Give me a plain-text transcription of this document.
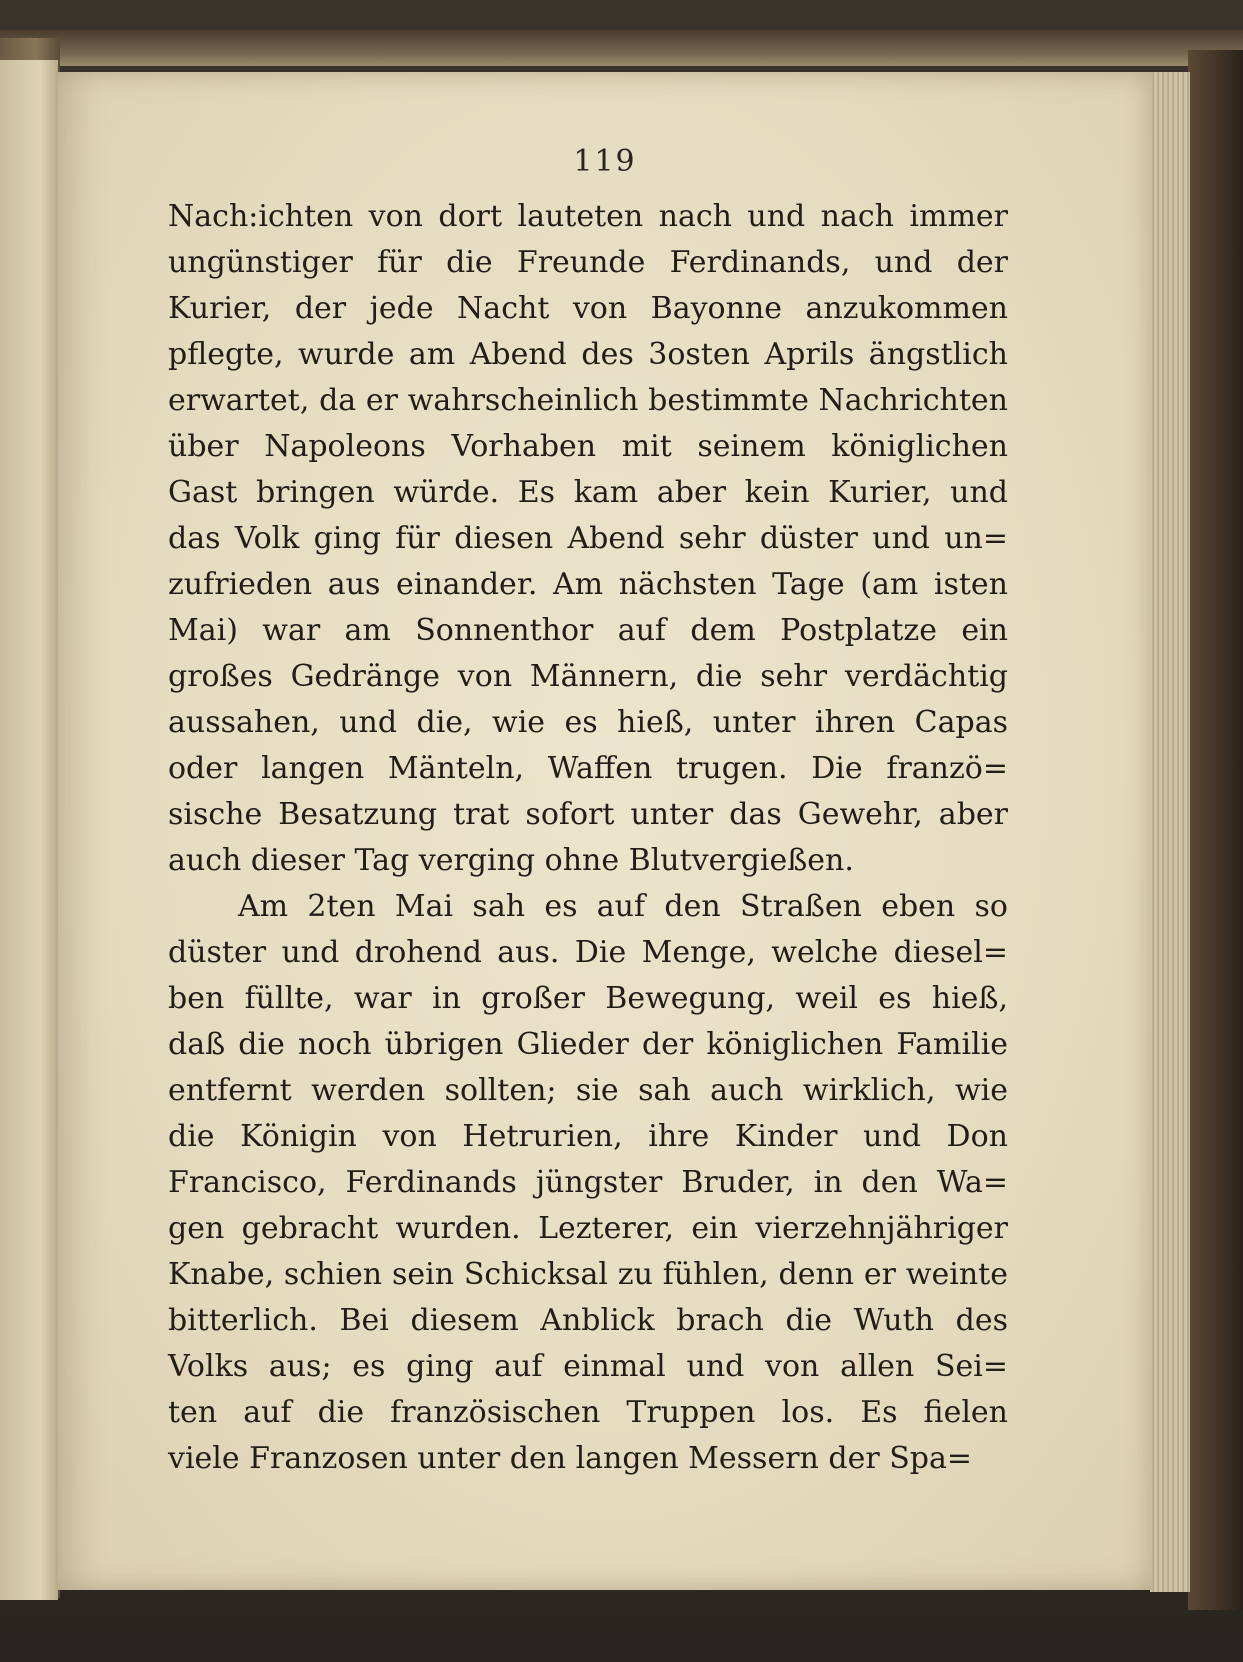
119
Nach:ichten von dort lauteten nach und nach immer
ungünstiger für die Freunde Ferdinands, und der
Kurier, der jede Nacht von Bayonne anzukommen
pflegte, wurde am Abend des 3osten Aprils ängstlich
erwartet, da er wahrscheinlich bestimmte Nachrichten
über Napoleons Vorhaben mit seinem königlichen
Gast bringen würde. Es kam aber kein Kurier, und
das Volk ging für diesen Abend sehr düster und un=
zufrieden aus einander. Am nächsten Tage (am isten
Mai) war am Sonnenthor auf dem Postplatze ein
großes Gedränge von Männern, die sehr verdächtig
aussahen, und die, wie es hieß, unter ihren Capas
oder langen Mänteln, Waffen trugen. Die franzö=
sische Besatzung trat sofort unter das Gewehr, aber
auch dieser Tag verging ohne Blutvergießen.
Am 2ten Mai sah es auf den Straßen eben so
düster und drohend aus. Die Menge, welche diesel=
ben füllte, war in großer Bewegung, weil es hieß,
daß die noch übrigen Glieder der königlichen Familie
entfernt werden sollten; sie sah auch wirklich, wie
die Königin von Hetrurien, ihre Kinder und Don
Francisco, Ferdinands jüngster Bruder, in den Wa=
gen gebracht wurden. Lezterer, ein vierzehnjähriger
Knabe, schien sein Schicksal zu fühlen, denn er weinte
bitterlich. Bei diesem Anblick brach die Wuth des
Volks aus; es ging auf einmal und von allen Sei=
ten auf die französischen Truppen los. Es fielen
viele Franzosen unter den langen Messern der Spa=
